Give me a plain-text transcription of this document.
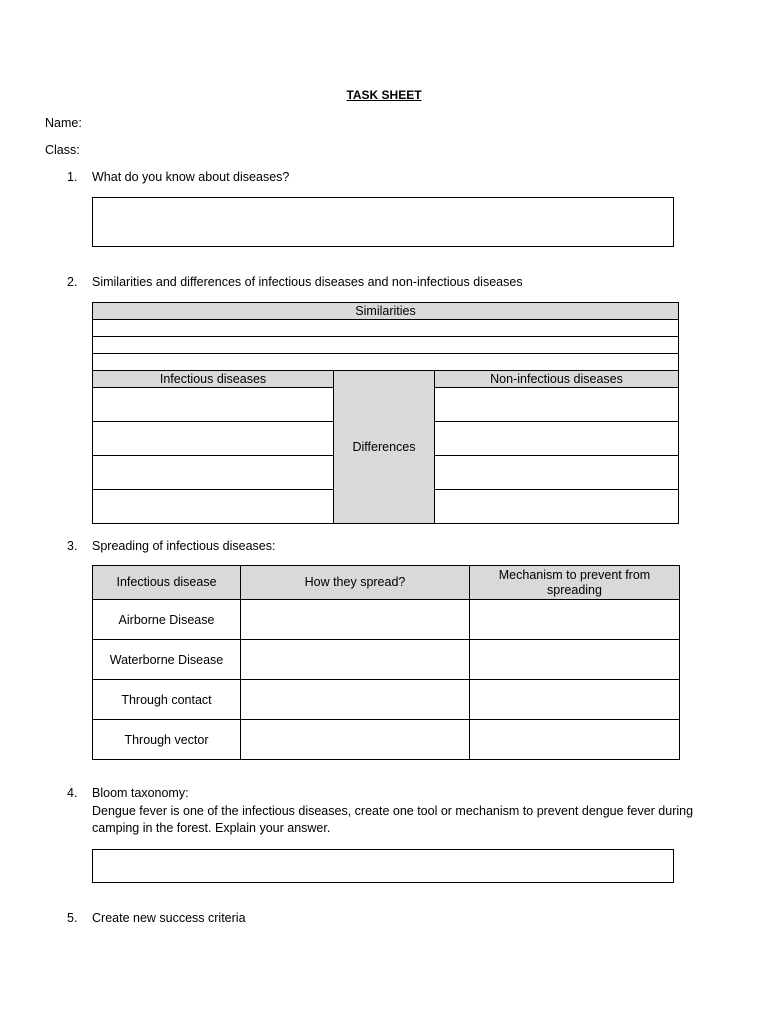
TASK SHEET
Name:
Class:
1.	What do you know about diseases?
2.	Similarities and differences of infectious diseases and non-infectious diseases
Similarities		

Infectious diseases	Differences	Non-infectious diseases

3.	Spreading of infectious diseases:
Infectious disease	How they spread?	Mechanism to prevent from spreading
Airborne Disease		
Waterborne Disease		
Through contact		
Through vector		
4.	Bloom taxonomy:
Dengue fever is one of the infectious diseases, create one tool or mechanism to prevent dengue fever during
camping in the forest. Explain your answer.
5.	Create new success criteria
